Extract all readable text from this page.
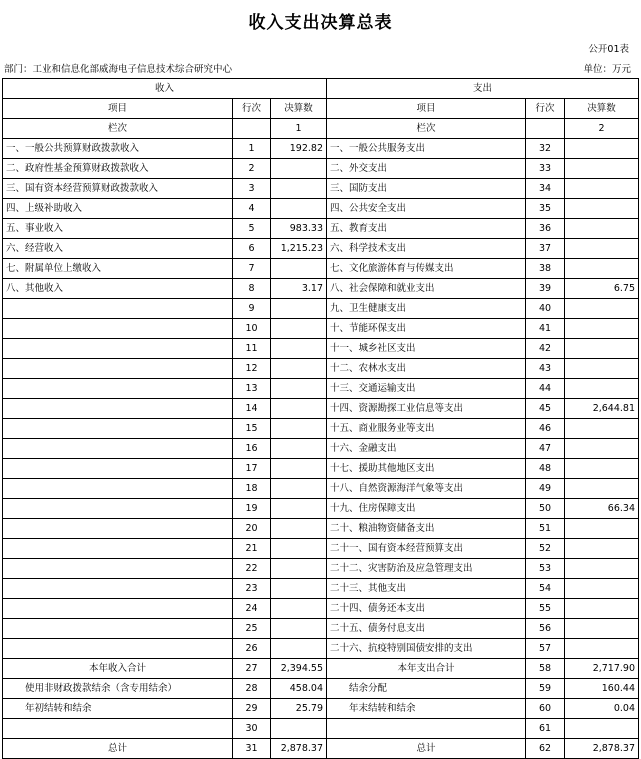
收入支出决算总表
公开01表
部门：工业和信息化部威海电子信息技术综合研究中心	单位：万元
收入			支出		
项目	行次	决算数	项目	行次	决算数
栏次		1	栏次		2
一、一般公共预算财政拨款收入	1	192.82	一、一般公共服务支出	32	
二、政府性基金预算财政拨款收入	2		二、外交支出	33	
三、国有资本经营预算财政拨款收入	3		三、国防支出	34	
四、上级补助收入	4		四、公共安全支出	35	
五、事业收入	5	983.33	五、教育支出	36	
六、经营收入	6	1,215.23	六、科学技术支出	37	
七、附属单位上缴收入	7		七、文化旅游体育与传媒支出	38	
八、其他收入	8	3.17	八、社会保障和就业支出	39	6.75
	9		九、卫生健康支出	40	
	10		十、节能环保支出	41	
	11		十一、城乡社区支出	42	
	12		十二、农林水支出	43	
	13		十三、交通运输支出	44	
	14		十四、资源勘探工业信息等支出	45	2,644.81
	15		十五、商业服务业等支出	46	
	16		十六、金融支出	47	
	17		十七、援助其他地区支出	48	
	18		十八、自然资源海洋气象等支出	49	
	19		十九、住房保障支出	50	66.34
	20		二十、粮油物资储备支出	51	
	21		二十一、国有资本经营预算支出	52	
	22		二十二、灾害防治及应急管理支出	53	
	23		二十三、其他支出	54	
	24		二十四、债务还本支出	55	
	25		二十五、债务付息支出	56	
	26		二十六、抗疫特别国债安排的支出	57	
本年收入合计	27	2,394.55	本年支出合计	58	2,717.90
使用非财政拨款结余（含专用结余）	28	458.04	结余分配	59	160.44
年初结转和结余	29	25.79	年末结转和结余	60	0.04
	30			61	
总计	31	2,878.37	总计	62	2,878.37
